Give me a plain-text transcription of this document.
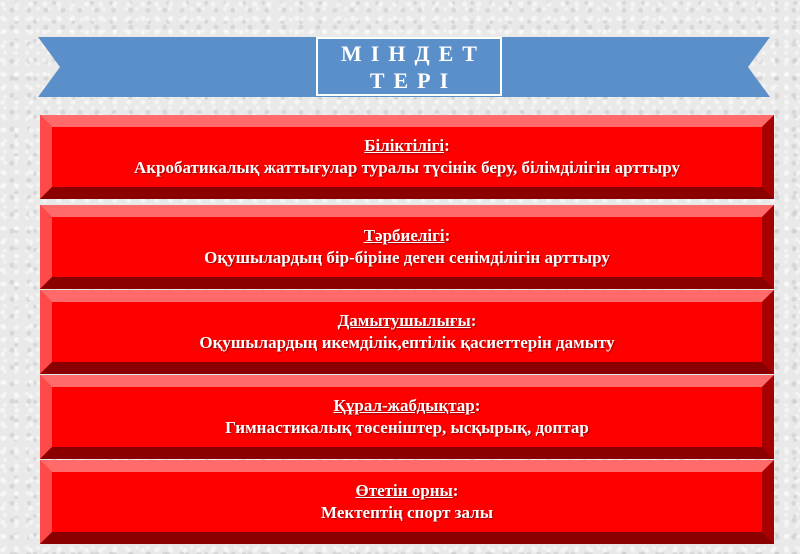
МІНДЕТ
ТЕРІ
Біліктілігі:
Акробатикалық жаттығулар туралы түсінік беру, білімділігін арттыру
Тәрбиелігі:
Оқушылардың бір-біріне деген сенімділігін арттыру
Дамытушылығы:
Оқушылардың икемділік,ептілік қасиеттерін дамыту
Құрал-жабдықтар:
Гимнастикалық төсеніштер, ысқырық, доптар
Өтетін орны:
Мектептің спорт залы
